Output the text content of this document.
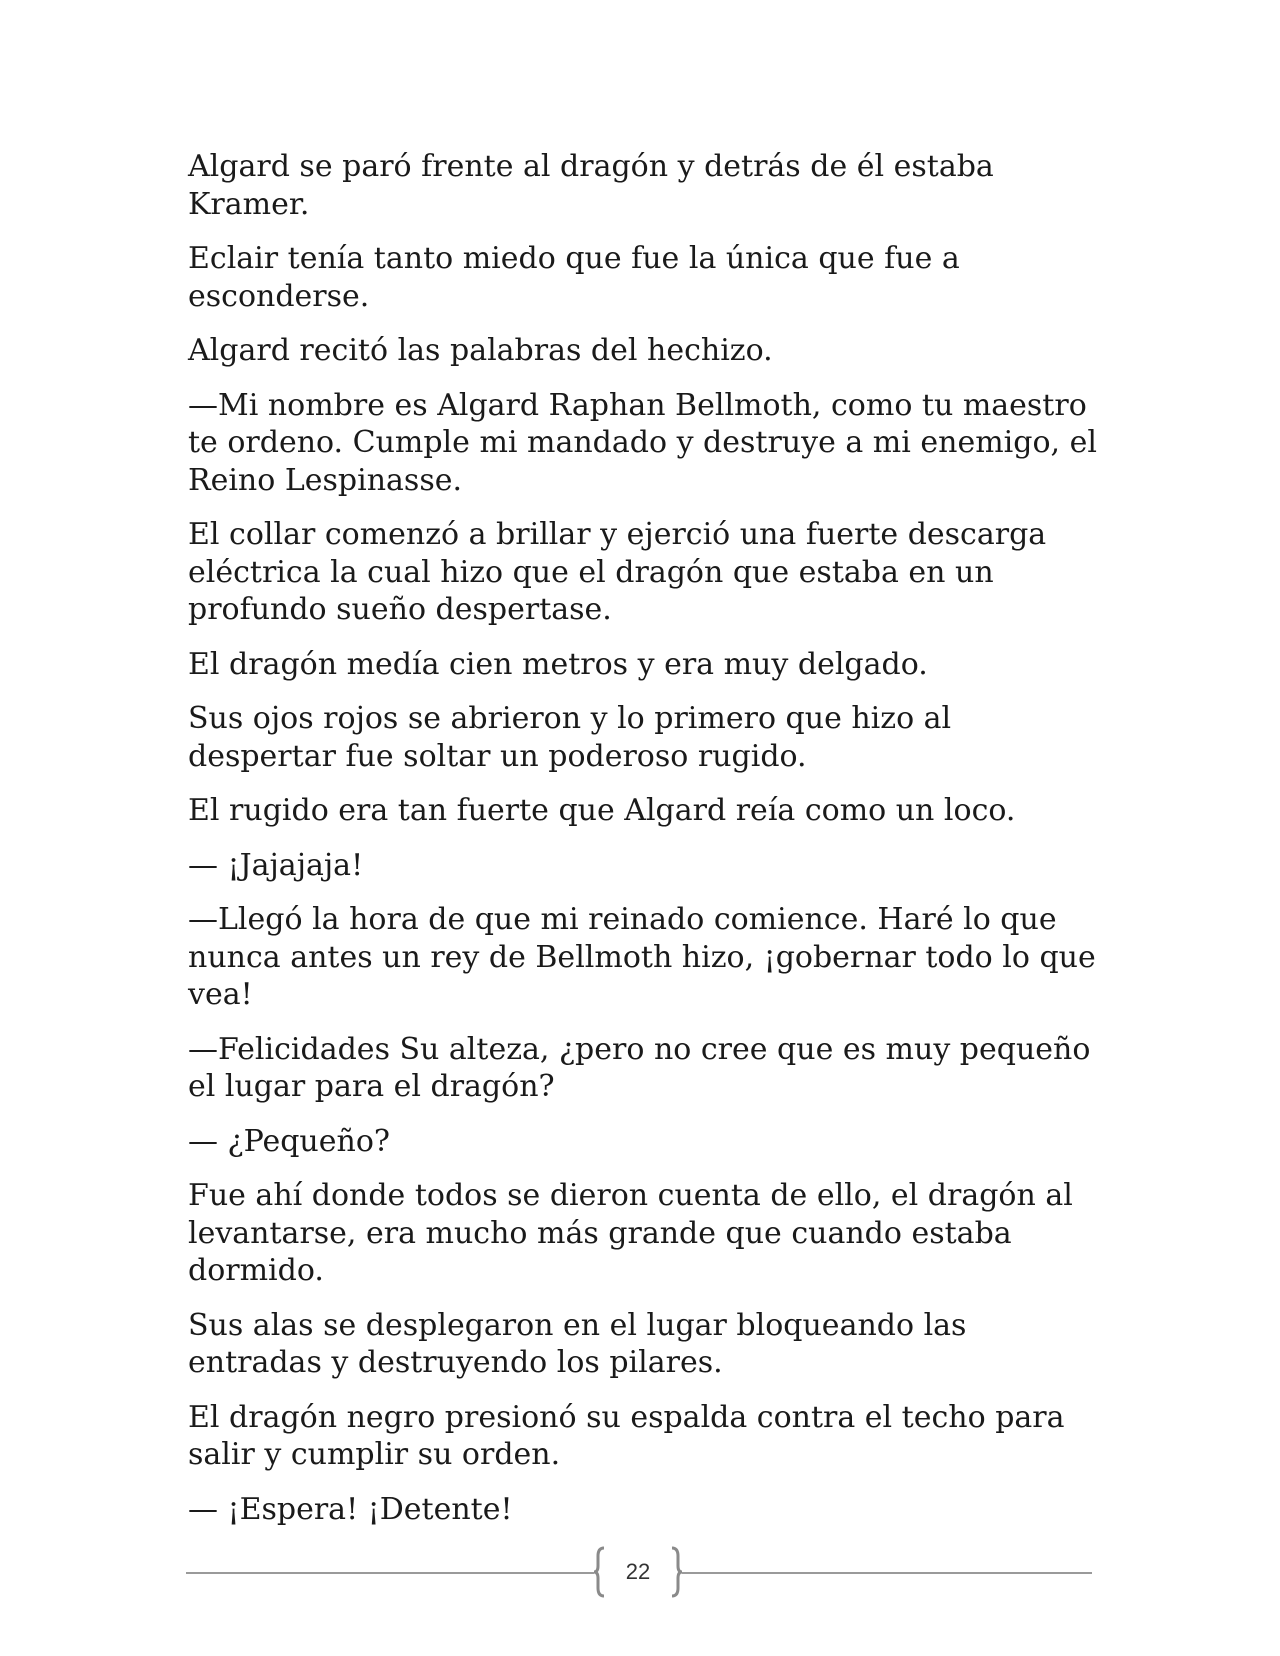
Algard se paró frente al dragón y detrás de él estaba Kramer.

Eclair tenía tanto miedo que fue la única que fue a esconderse.

Algard recitó las palabras del hechizo.

—Mi nombre es Algard Raphan Bellmoth, como tu maestro te ordeno. Cumple mi mandado y destruye a mi enemigo, el Reino Lespinasse.

El collar comenzó a brillar y ejerció una fuerte descarga eléctrica la cual hizo que el dragón que estaba en un profundo sueño despertase.

El dragón medía cien metros y era muy delgado.

Sus ojos rojos se abrieron y lo primero que hizo al despertar fue soltar un poderoso rugido.

El rugido era tan fuerte que Algard reía como un loco.

— ¡Jajajaja!

—Llegó la hora de que mi reinado comience. Haré lo que nunca antes un rey de Bellmoth hizo, ¡gobernar todo lo que vea!

—Felicidades Su alteza, ¿pero no cree que es muy pequeño el lugar para el dragón?

— ¿Pequeño?

Fue ahí donde todos se dieron cuenta de ello, el dragón al levantarse, era mucho más grande que cuando estaba dormido.

Sus alas se desplegaron en el lugar bloqueando las entradas y destruyendo los pilares.

El dragón negro presionó su espalda contra el techo para salir y cumplir su orden.

— ¡Espera! ¡Detente!

22
